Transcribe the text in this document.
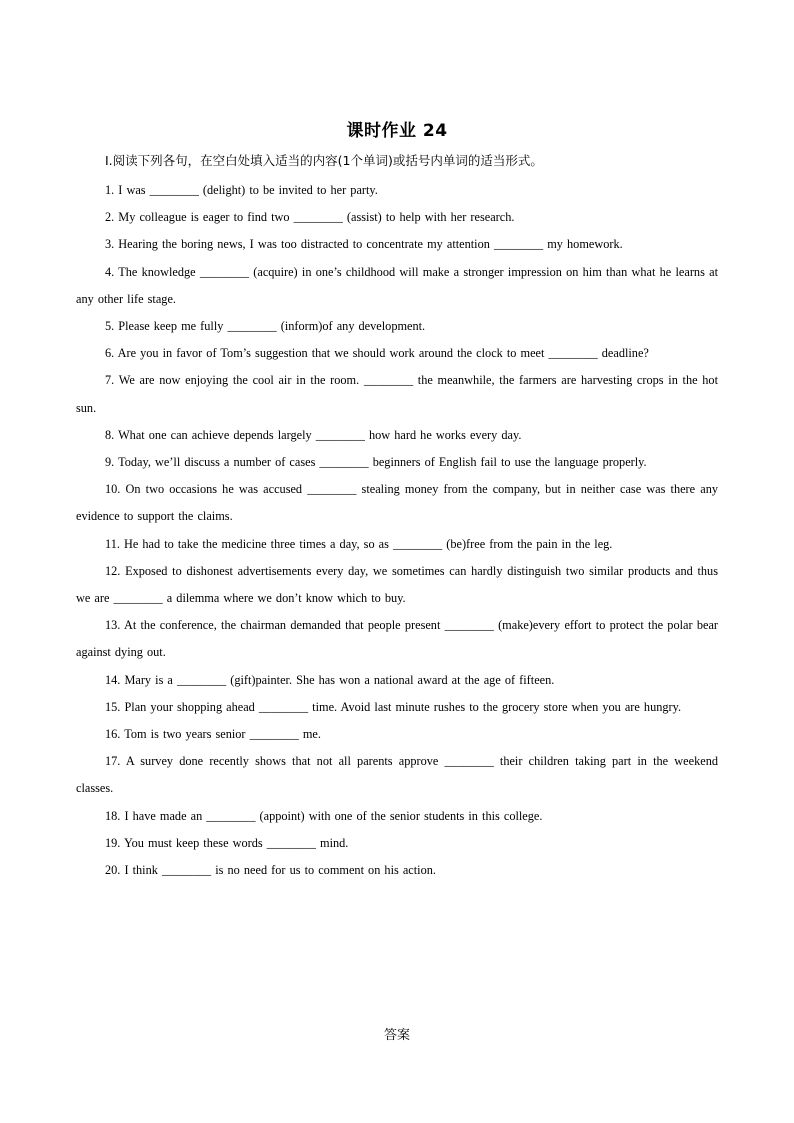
课时作业 24
Ⅰ.阅读下列各句，在空白处填入适当的内容(1个单词)或括号内单词的适当形式。
1. I was ________ (delight) to be invited to her party.
2. My colleague is eager to find two ________ (assist) to help with her research.
3. Hearing the boring news, I was too distracted to concentrate my attention ________ my homework.
4. The knowledge ________ (acquire) in one’s childhood will make a stronger impression on him than what he learns at any other life stage.
5. Please keep me fully ________ (inform)of any development.
6. Are you in favor of Tom’s suggestion that we should work around the clock to meet ________ deadline?
7. We are now enjoying the cool air in the room. ________ the meanwhile, the farmers are harvesting crops in the hot sun.
8. What one can achieve depends largely ________ how hard he works every day.
9. Today, we’ll discuss a number of cases ________ beginners of English fail to use the language properly.
10. On two occasions he was accused ________ stealing money from the company, but in neither case was there any evidence to support the claims.
11. He had to take the medicine three times a day, so as ________ (be)free from the pain in the leg.
12. Exposed to dishonest advertisements every day, we sometimes can hardly distinguish two similar products and thus we are ________ a dilemma where we don’t know which to buy.
13. At the conference, the chairman demanded that people present ________ (make)every effort to protect the polar bear against dying out.
14. Mary is a ________ (gift)painter. She has won a national award at the age of fifteen.
15. Plan your shopping ahead ________ time. Avoid last minute rushes to the grocery store when you are hungry.
16. Tom is two years senior ________ me.
17. A survey done recently shows that not all parents approve ________ their children taking part in the weekend classes.
18. I have made an ________ (appoint) with one of the senior students in this college.
19. You must keep these words ________ mind.
20. I think ________ is no need for us to comment on his action.
答案
